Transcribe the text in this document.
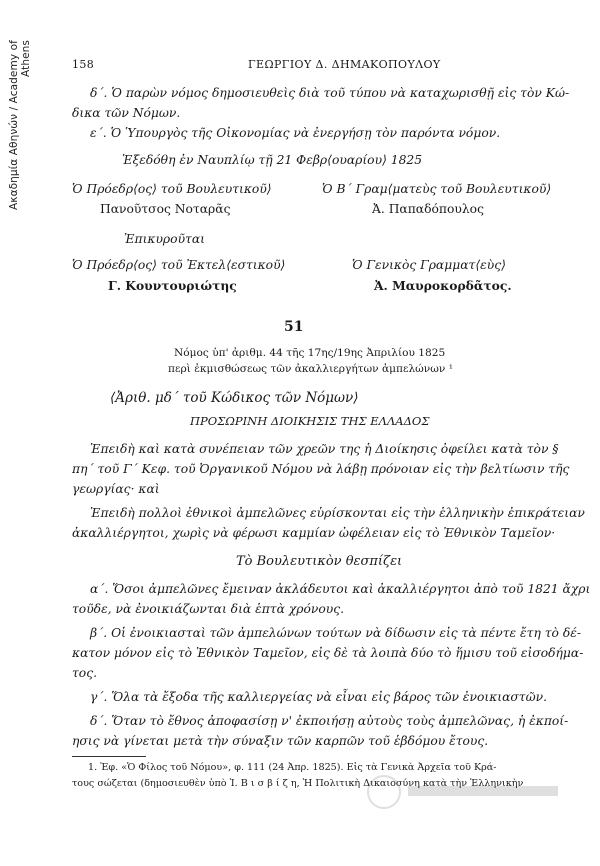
Ακαδημία Αθηνών / Academy of Athens	158	ΓΕΩΡΓΙΟΥ Δ. ΔΗΜΑΚΟΠΟΥΛΟΥ
δ΄. Ὁ παρὼν νόμος δημοσιευθεὶς διὰ τοῦ τύπου νὰ καταχωρισθῇ εἰς τὸν Κώ-
δικα τῶν Νόμων.
ε΄. Ὁ Ὑπουργὸς τῆς Οἰκονομίας νὰ ἐνεργήσῃ τὸν παρόντα νόμον.
Ἐξεδόθη ἐν Ναυπλίῳ τῇ 21 Φεβρ⟨ουαρίου⟩ 1825
Ὁ Πρόεδρ⟨ος⟩ τοῦ Βουλευτικοῦ⟩
Πανοῦτσος Νοταρᾶς
Ὁ Β΄ Γραμ⟨ματεὺς τοῦ Βουλευτικοῦ⟩
Ἀ. Παπαδόπουλος
Ἐπικυροῦται
Ὁ Πρόεδρ⟨ος⟩ τοῦ Ἐκτελ⟨εστικοῦ⟩
Γ. Κουντουριώτης
Ὁ Γενικὸς Γραμματ⟨εὺς⟩
Ἀ. Μαυροκορδᾶτος.
51
Νόμος ὑπ' ἀριθμ. 44 τῆς 17ης/19ης Ἀπριλίου 1825
περὶ ἐκμισθώσεως τῶν ἀκαλλιεργήτων ἀμπελώνων ¹
⟨Ἀριθ. μδ΄ τοῦ Κώδικος τῶν Νόμων⟩
ΠΡΟΣΩΡΙΝΗ ΔΙΟΙΚΗΣΙΣ ΤΗΣ ΕΛΛΑΔΟΣ
Ἐπειδὴ καὶ κατὰ συνέπειαν τῶν χρεῶν της ἡ Διοίκησις ὀφείλει κατὰ τὸν §
πη΄ τοῦ Γ΄ Κεφ. τοῦ Ὀργανικοῦ Νόμου νὰ λάβῃ πρόνοιαν εἰς τὴν βελτίωσιν τῆς
γεωργίας· καὶ
Ἐπειδὴ πολλοὶ ἐθνικοὶ ἀμπελῶνες εὑρίσκονται εἰς τὴν ἑλληνικὴν ἐπικράτειαν
ἀκαλλιέργητοι, χωρὶς νὰ φέρωσι καμμίαν ὠφέλειαν εἰς τὸ Ἐθνικὸν Ταμεῖον·
Τὸ Βουλευτικὸν θεσπίζει
α΄. Ὅσοι ἀμπελῶνες ἔμειναν ἀκλάδευτοι καὶ ἀκαλλιέργητοι ἀπὸ τοῦ 1821 ἄχρι
τοῦδε, νὰ ἐνοικιάζωνται διὰ ἑπτὰ χρόνους.
β΄. Οἱ ἐνοικιασταὶ τῶν ἀμπελώνων τούτων νὰ δίδωσιν εἰς τὰ πέντε ἔτη τὸ δέ-
κατον μόνον εἰς τὸ Ἐθνικὸν Ταμεῖον, εἰς δὲ τὰ λοιπὰ δύο τὸ ἥμισυ τοῦ εἰσοδήμα-
τος.
γ΄. Ὅλα τὰ ἔξοδα τῆς καλλιεργείας νὰ εἶναι εἰς βάρος τῶν ἐνοικιαστῶν.
δ΄. Ὅταν τὸ ἔθνος ἀποφασίσῃ ν' ἐκποιήσῃ αὐτοὺς τοὺς ἀμπελῶνας, ἡ ἐκποί-
ησις νὰ γίνεται μετὰ τὴν σύναξιν τῶν καρπῶν τοῦ ἑβδόμου ἔτους.
1. Ἐφ. «Ὁ Φίλος τοῦ Νόμου», φ. 111 (24 Ἀπρ. 1825). Εἰς τὰ Γενικὰ Ἀρχεῖα τοῦ Κρά-
τους σώζεται (δημοσιευθὲν ὑπὸ Ἰ. Β ι σ β ί ζ η, Ἡ Πολιτικὴ Δικαιοσύνη κατὰ τὴν Ἑλληνικὴν
